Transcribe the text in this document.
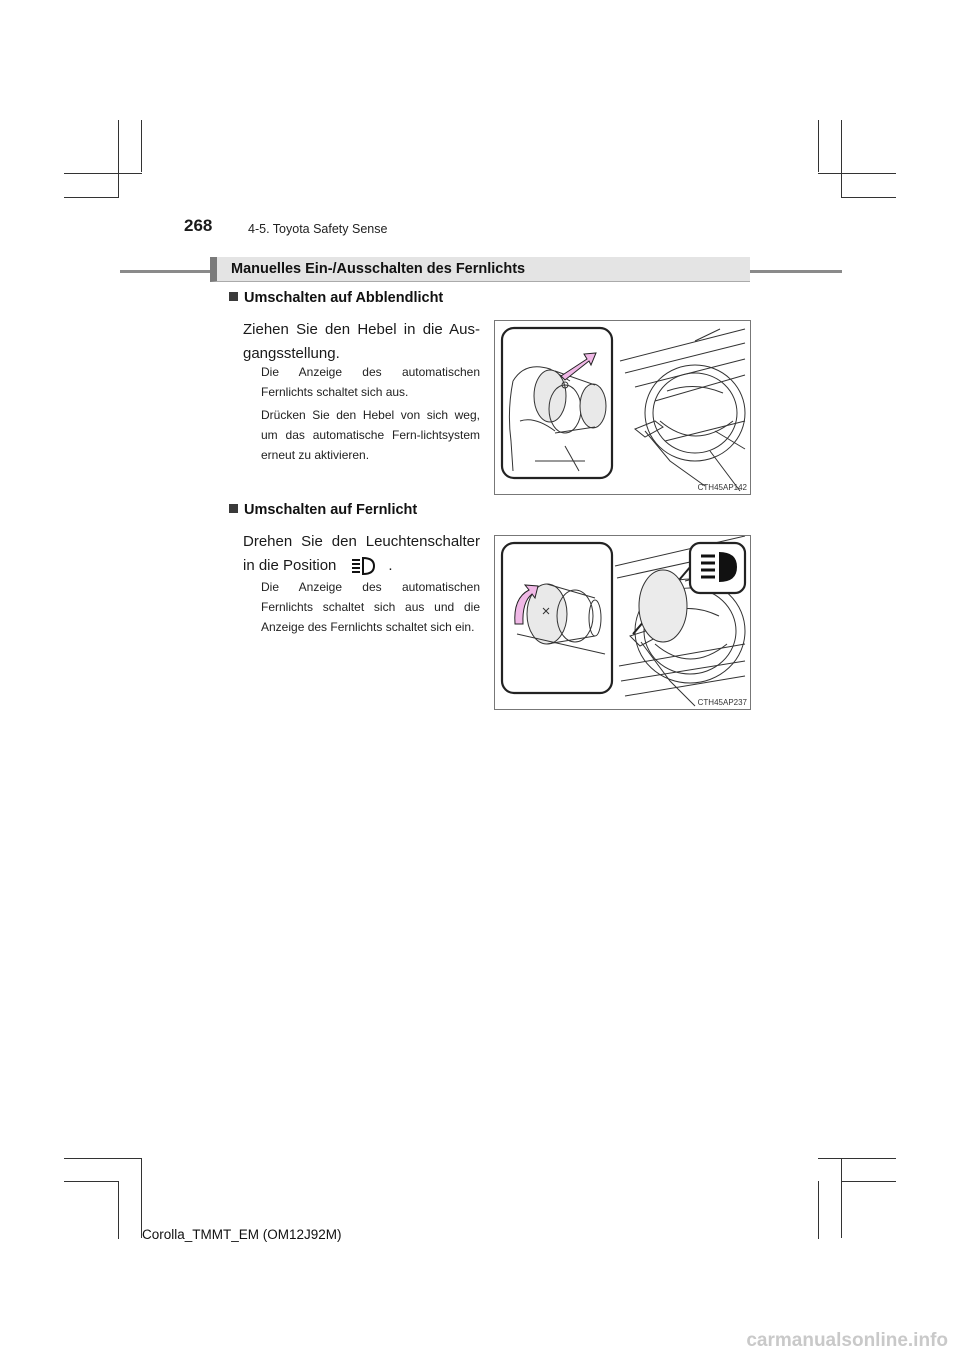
268	4-5. Toyota Safety Sense
Manuelles Ein-/Ausschalten des Fernlichts
Umschalten auf Abblendlicht
Ziehen Sie den Hebel in die Aus-gangsstellung.
Die Anzeige des automatischen Fernlichts schaltet sich aus.
Drücken Sie den Hebel von sich weg, um das automatische Fern-lichtsystem erneut zu aktivieren.
CTH45AP142
Umschalten auf Fernlicht
Drehen Sie den Leuchtenschalter in die Position	.
Die Anzeige des automatischen Fernlichts schaltet sich aus und die Anzeige des Fernlichts schaltet sich ein.
CTH45AP237
Corolla_TMMT_EM (OM12J92M)
carmanualsonline.info
